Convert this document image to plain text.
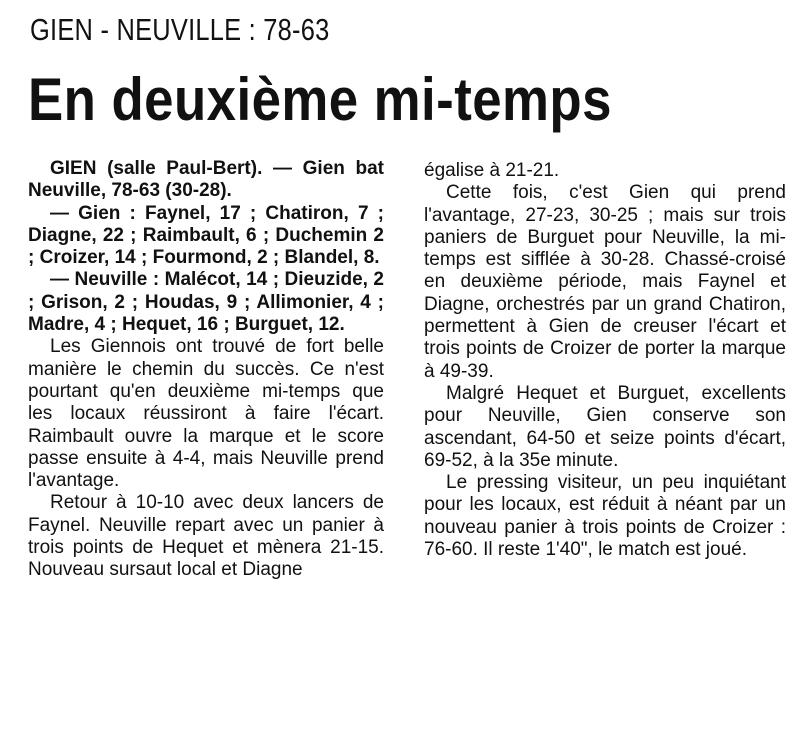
GIEN - NEUVILLE : 78-63
En deuxième mi-temps

GIEN (salle Paul-Bert). — Gien bat Neuville, 78-63 (30-28).

— Gien : Faynel, 17 ; Chatiron, 7 ; Diagne, 22 ; Raimbault, 6 ; Duchemin 2 ; Croizer, 14 ; Fourmond, 2 ; Blandel, 8.

— Neuville : Malécot, 14 ; Dieuzide, 2 ; Grison, 2 ; Houdas, 9 ; Allimonier, 4 ; Madre, 4 ; Hequet, 16 ; Burguet, 12.

Les Giennois ont trouvé de fort belle manière le chemin du succès. Ce n'est pourtant qu'en deuxième mi-temps que les locaux réussiront à faire l'écart. Raimbault ouvre la marque et le score passe ensuite à 4-4, mais Neuville prend l'avantage.

Retour à 10-10 avec deux lancers de Faynel. Neuville repart avec un panier à trois points de Hequet et mènera 21-15. Nouveau sursaut local et Diagne

égalise à 21-21.

Cette fois, c'est Gien qui prend l'avantage, 27-23, 30-25 ; mais sur trois paniers de Burguet pour Neuville, la mi-temps est sifflée à 30-28. Chassé-croisé en deuxième période, mais Faynel et Diagne, orchestrés par un grand Chatiron, permettent à Gien de creuser l'écart et trois points de Croizer de porter la marque à 49-39.

Malgré Hequet et Burguet, excellents pour Neuville, Gien conserve son ascendant, 64-50 et seize points d'écart, 69-52, à la 35e minute.

Le pressing visiteur, un peu inquiétant pour les locaux, est réduit à néant par un nouveau panier à trois points de Croizer : 76-60. Il reste 1'40", le match est joué.
